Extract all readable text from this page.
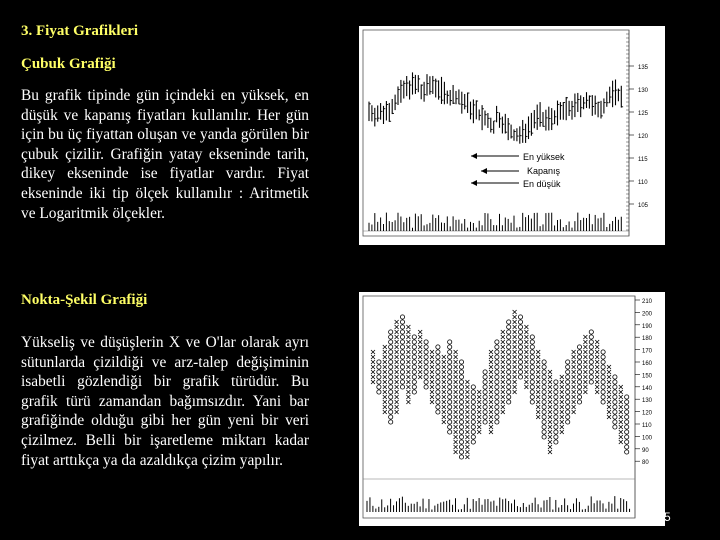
3. Fiyat Grafikleri
Çubuk Grafiği
Bu grafik tipinde gün içindeki en yüksek, en düşük ve kapanış fiyatları kullanılır. Her gün için bu üç fiyattan oluşan ve yanda görülen bir çubuk çizilir. Grafiğin yatay ekseninde tarih, dikey ekseninde ise fiyatlar vardır. Fiyat ekseninde iki tip ölçek kullanılır : Aritmetik ve Logaritmik ölçekler.
Nokta-Şekil Grafiği
Yükseliş ve düşüşlerin X ve O'lar olarak ayrı sütunlarda çizildiği ve arz-talep değişiminin isabetli gözlendiği bir grafik türüdür. Bu grafik türü zamandan bağımsızdır. Yani bar grafiğinde olduğu gibi her gün yeni bir veri çizilmez. Belli bir işaretleme miktarı kadar fiyat arttıkça ya da azaldıkça çizim yapılır.
135
130
125
120
115
110
105
En yüksek
Kapanış
En düşük
210
200
190
180
170
160
150
140
130
120
110
100
90
80
5
